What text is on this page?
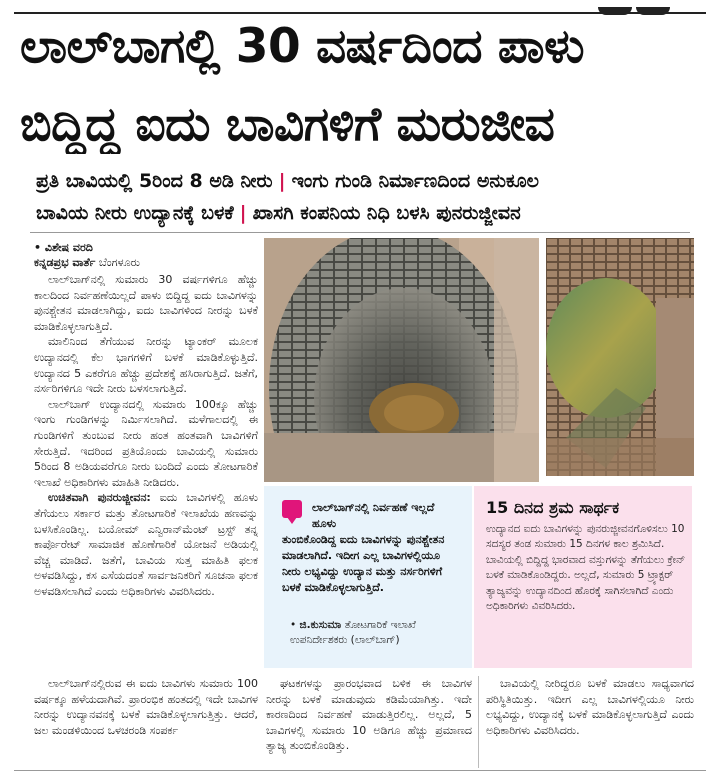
ಲಾಲ್‌ಬಾಗಲ್ಲಿ 30 ವರ್ಷದಿಂದ ಪಾಳು
ಬಿದ್ದಿದ್ದ ಐದು ಬಾವಿಗಳಿಗೆ ಮರುಜೀವ
ಪ್ರತಿ ಬಾವಿಯಲ್ಲಿ 5ರಿಂದ 8 ಅಡಿ ನೀರು | ಇಂಗು ಗುಂಡಿ ನಿರ್ಮಾಣದಿಂದ ಅನುಕೂಲ
ಬಾವಿಯ ನೀರು ಉದ್ಯಾನಕ್ಕೆ ಬಳಕೆ | ಖಾಸಗಿ ಕಂಪನಿಯ ನಿಧಿ ಬಳಸಿ ಪುನರುಜ್ಜೀವನ
• ವಿಶೇಷ ವರದಿ
ಕನ್ನಡಪ್ರಭ ವಾರ್ತೆ ಬೆಂಗಳೂರು

ಲಾಲ್‌ಬಾಗ್‌ನಲ್ಲಿ ಸುಮಾರು 30 ವರ್ಷಗಳಿಗೂ ಹೆಚ್ಚು ಕಾಲದಿಂದ ನಿರ್ವಹಣೆಯಿಲ್ಲದೆ ಪಾಳು ಬಿದ್ದಿದ್ದ ಐದು ಬಾವಿಗಳನ್ನು ಪುನಶ್ಚೇತನ ಮಾಡಲಾಗಿದ್ದು, ಐದು ಬಾವಿಗಳಿಂದ ನೀರನ್ನು ಬಳಕೆ ಮಾಡಿಕೊಳ್ಳಲಾಗುತ್ತಿದೆ.

ಮಾಲಿನಿಂದ ತೆಗೆಯುವ ನೀರನ್ನು ಟ್ಯಾಂಕರ್ ಮೂಲಕ ಉದ್ಯಾನದಲ್ಲಿ ಕೆಲ ಭಾಗಗಳಿಗೆ ಬಳಕೆ ಮಾಡಿಕೊಳ್ಳುತ್ತಿದೆ. ಉದ್ಯಾನದ 5 ಎಕರೆಗೂ ಹೆಚ್ಚು ಪ್ರದೇಶಕ್ಕೆ ಹಸಿರಾಗುತ್ತಿದೆ. ಜತೆಗೆ, ನರ್ಸರಿಗಳಿಗೂ ಇದೇ ನೀರು ಬಳಸಲಾಗುತ್ತಿದೆ.

ಲಾಲ್‌ಬಾಗ್ ಉದ್ಯಾನದಲ್ಲಿ ಸುಮಾರು 100ಕ್ಕೂ ಹೆಚ್ಚು ಇಂಗು ಗುಂಡಿಗಳನ್ನು ನಿರ್ಮಿಸಲಾಗಿದೆ. ಮಳೆಗಾಲದಲ್ಲಿ ಈ ಗುಂಡಿಗಳಿಗೆ ತುಂಬುವ ನೀರು ಹಂತ ಹಂತವಾಗಿ ಬಾವಿಗಳಿಗೆ ಸೇರುತ್ತಿದೆ. ಇದರಿಂದ ಪ್ರತಿಯೊಂದು ಬಾವಿಯಲ್ಲಿ ಸುಮಾರು 5ರಿಂದ 8 ಅಡಿಯವರೆಗೂ ನೀರು ಬಂದಿದೆ ಎಂದು ತೋಟಗಾರಿಕೆ ಇಲಾಖೆ ಅಧಿಕಾರಿಗಳು ಮಾಹಿತಿ ನೀಡಿದರು.

ಉಚಿತವಾಗಿ ಪುನರುಜ್ಜೀವನ: ಐದು ಬಾವಿಗಳಲ್ಲಿ ಹೂಳು ತೆಗೆಯಲು ಸರ್ಕಾರ ಮತ್ತು ತೋಟಗಾರಿಕೆ ಇಲಾಖೆಯ ಹಣವನ್ನು ಬಳಸಿಕೊಂಡಿಲ್ಲ. ಬಯೋಮ್ ಎನ್ವಿರಾನ್‌ಮೆಂಟ್ ಟ್ರಸ್ಟ್ ತನ್ನ ಕಾರ್ಪೊರೇಟ್ ಸಾಮಾಜಿಕ ಹೊಣೆಗಾರಿಕೆ ಯೋಜನೆ ಅಡಿಯಲ್ಲಿ ವೆಚ್ಚ ಮಾಡಿದೆ. ಜತೆಗೆ, ಬಾವಿಯ ಸುತ್ತ ಮಾಹಿತಿ ಫಲಕ ಅಳವಡಿಸಿದ್ದು, ಕಸ ಎಸೆಯದಂತೆ ಸಾರ್ವಜನಿಕರಿಗೆ ಸೂಚನಾ ಫಲಕ ಅಳವಡಿಸಲಾಗಿದೆ ಎಂದು ಅಧಿಕಾರಿಗಳು ವಿವರಿಸಿದರು.

ಲಾಲ್‌ಬಾಗ್‌ನಲ್ಲಿರುವ ಈ ಐದು ಬಾವಿಗಳು ಸುಮಾರು 100 ವರ್ಷಕ್ಕೂ ಹಳೆಯದಾಗಿವೆ. ಪ್ರಾರಂಭಿಕ ಹಂತದಲ್ಲಿ ಇದೇ ಬಾವಿಗಳ ನೀರನ್ನು ಉದ್ಯಾನವನಕ್ಕೆ ಬಳಕೆ ಮಾಡಿಕೊಳ್ಳಲಾಗುತ್ತಿತ್ತು. ಆದರೆ, ಜಲ ಮಂಡಳಿಯಿಂದ ಒಳಚರಂಡಿ ಸಂಪರ್ಕ

ಲಾಲ್‌ಬಾಗ್‌ನಲ್ಲಿ ನಿರ್ವಹಣೆ ಇಲ್ಲದೆ ಹೂಳು
ತುಂಬಿಕೊಂಡಿದ್ದ ಐದು ಬಾವಿಗಳನ್ನು ಪುನಶ್ಚೇತನ ಮಾಡಲಾಗಿದೆ. ಇದೀಗ ಎಲ್ಲ ಬಾವಿಗಳಲ್ಲಿಯೂ ನೀರು ಲಭ್ಯವಿದ್ದು ಉದ್ಯಾನ ಮತ್ತು ನರ್ಸರಿಗಳಿಗೆ ಬಳಕೆ ಮಾಡಿಕೊಳ್ಳಲಾಗುತ್ತಿದೆ.
• ಜಿ.ಕುಸುಮಾ ತೋಟಗಾರಿಕೆ ಇಲಾಖೆ
ಉಪನಿರ್ದೇಶಕರು (ಲಾಲ್‌ಬಾಗ್)
15 ದಿನದ ಶ್ರಮ ಸಾರ್ಥಕ
ಉದ್ಯಾನದ ಐದು ಬಾವಿಗಳನ್ನು ಪುನರುಜ್ಜೀವನಗೊಳಿಸಲು 10 ಸದಸ್ಯರ ತಂಡ ಸುಮಾರು 15 ದಿನಗಳ ಕಾಲ ಶ್ರಮಿಸಿದೆ. ಬಾವಿಯಲ್ಲಿ ಬಿದ್ದಿದ್ದ ಭಾರವಾದ ವಸ್ತುಗಳನ್ನು ತೆಗೆಯಲು ಕ್ರೇನ್ ಬಳಕೆ ಮಾಡಿಕೊಂಡಿದ್ದರು. ಅಲ್ಲದೆ, ಸುಮಾರು 5 ಟ್ರ್ಯಾಕ್ಟರ್ ತ್ಯಾಜ್ಯವನ್ನು ಉದ್ಯಾನದಿಂದ ಹೊರಕ್ಕೆ ಸಾಗಿಸಲಾಗಿದೆ ಎಂದು ಅಧಿಕಾರಿಗಳು ವಿವರಿಸಿದರು.

ಘಟಕಗಳನ್ನು ಪ್ರಾರಂಭವಾದ ಬಳಿಕ ಈ ಬಾವಿಗಳ ನೀರನ್ನು ಬಳಕೆ ಮಾಡುವುದು ಕಡಿಮೆಯಾಗಿತ್ತು. ಇದೇ ಕಾರಣದಿಂದ ನಿರ್ವಹಣೆ ಮಾಡುತ್ತಿರಲಿಲ್ಲ. ಅಲ್ಲದೆ, 5 ಬಾವಿಗಳಲ್ಲಿ ಸುಮಾರು 10 ಅಡಿಗೂ ಹೆಚ್ಚು ಪ್ರಮಾಣದ ತ್ಯಾಜ್ಯ ತುಂಬಿಕೊಂಡಿತ್ತು.

ಬಾವಿಯಲ್ಲಿ ನೀರಿದ್ದರೂ ಬಳಕೆ ಮಾಡಲು ಸಾಧ್ಯವಾಗದ ಪರಿಸ್ಥಿತಿಯಿತ್ತು. ಇದೀಗ ಎಲ್ಲ ಬಾವಿಗಳಲ್ಲಿಯೂ ನೀರು ಲಭ್ಯವಿದ್ದು, ಉದ್ಯಾನಕ್ಕೆ ಬಳಕೆ ಮಾಡಿಕೊಳ್ಳಲಾಗುತ್ತಿದೆ ಎಂದು ಅಧಿಕಾರಿಗಳು ವಿವರಿಸಿದರು.
